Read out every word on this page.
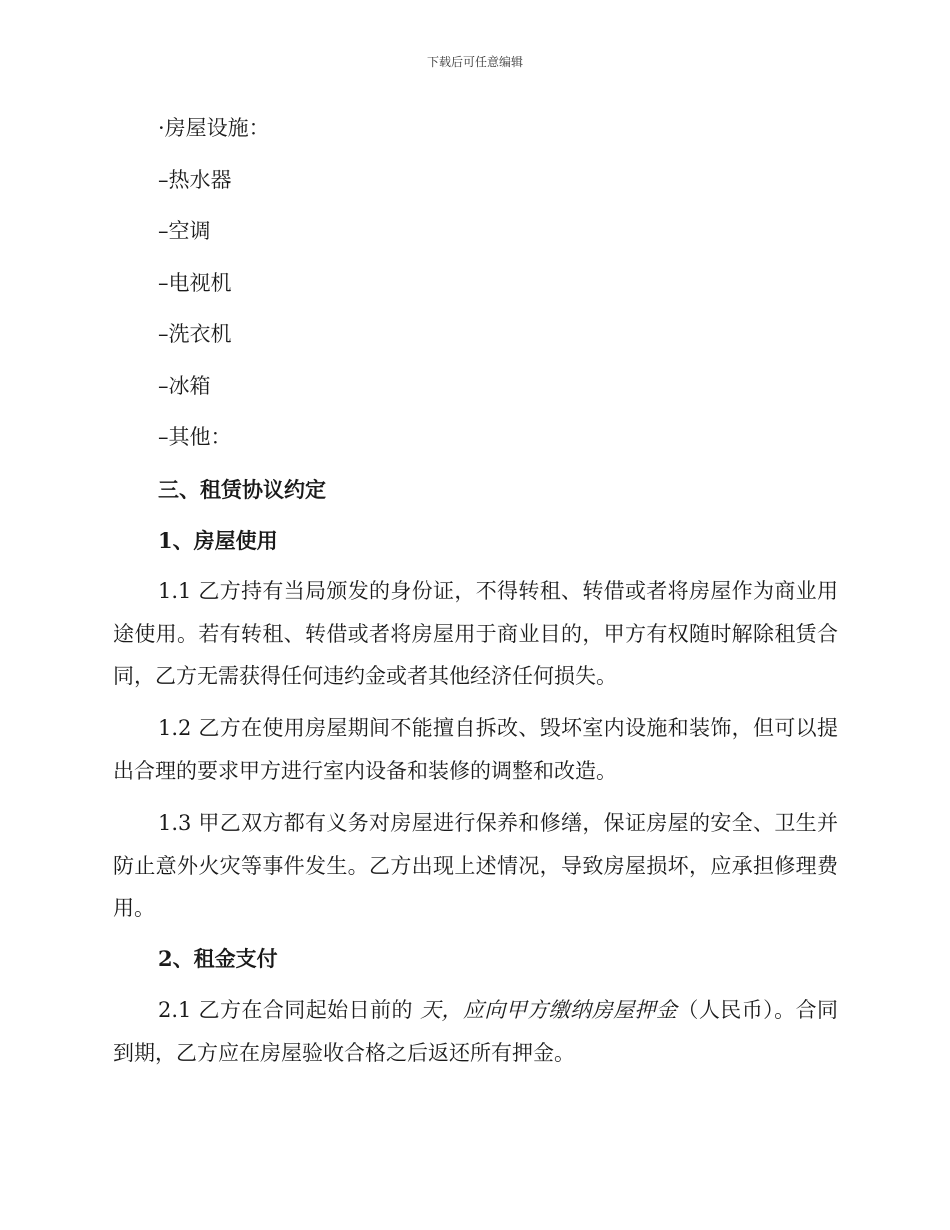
下载后可任意编辑
·房屋设施：
–热水器
–空调
–电视机
–洗衣机
–冰箱
–其他：
三、租赁协议约定
1、房屋使用
1.1 乙方持有当局颁发的身份证，不得转租、转借或者将房屋作为商业用途使用。若有转租、转借或者将房屋用于商业目的，甲方有权随时解除租赁合同，乙方无需获得任何违约金或者其他经济任何损失。
1.2 乙方在使用房屋期间不能擅自拆改、毁坏室内设施和装饰，但可以提出合理的要求甲方进行室内设备和装修的调整和改造。
1.3 甲乙双方都有义务对房屋进行保养和修缮，保证房屋的安全、卫生并防止意外火灾等事件发生。乙方出现上述情况，导致房屋损坏，应承担修理费用。
2、租金支付
2.1 乙方在合同起始日前的 天，应向甲方缴纳房屋押金（人民币）。合同到期，乙方应在房屋验收合格之后返还所有押金。
